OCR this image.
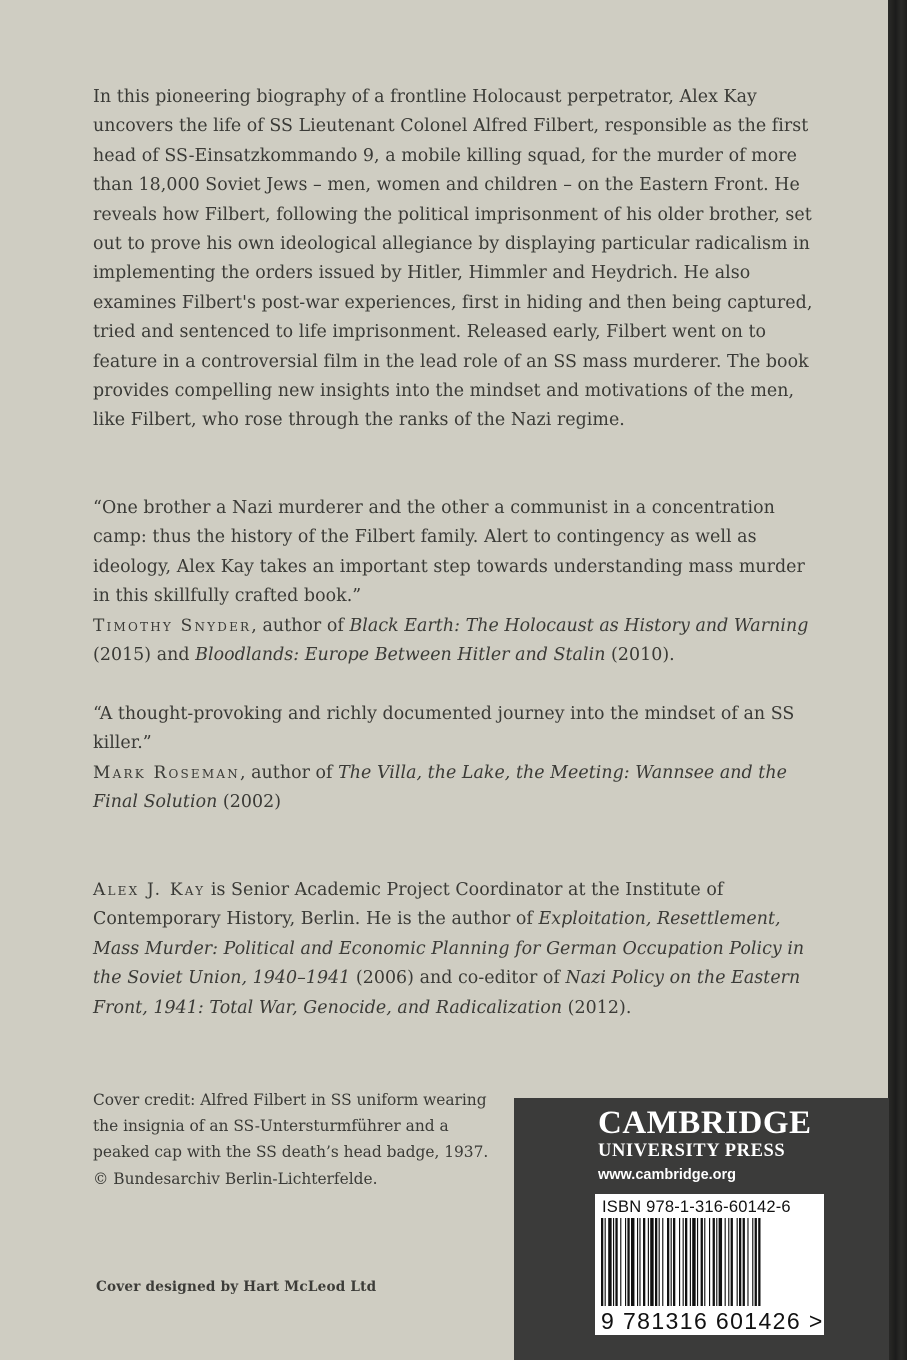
In this pioneering biography of a frontline Holocaust perpetrator, Alex Kay uncovers the life of SS Lieutenant Colonel Alfred Filbert, responsible as the first head of SS-Einsatzkommando 9, a mobile killing squad, for the murder of more than 18,000 Soviet Jews – men, women and children – on the Eastern Front. He reveals how Filbert, following the political imprisonment of his older brother, set out to prove his own ideological allegiance by displaying particular radicalism in implementing the orders issued by Hitler, Himmler and Heydrich. He also examines Filbert's post-war experiences, first in hiding and then being captured, tried and sentenced to life imprisonment. Released early, Filbert went on to feature in a controversial film in the lead role of an SS mass murderer. The book provides compelling new insights into the mindset and motivations of the men, like Filbert, who rose through the ranks of the Nazi regime.

“One brother a Nazi murderer and the other a communist in a concentration camp: thus the history of the Filbert family. Alert to contingency as well as ideology, Alex Kay takes an important step towards understanding mass murder in this skillfully crafted book.”
Timothy Snyder, author of Black Earth: The Holocaust as History and Warning (2015) and Bloodlands: Europe Between Hitler and Stalin (2010).

“A thought-provoking and richly documented journey into the mindset of an SS killer.”
Mark Roseman, author of The Villa, the Lake, the Meeting: Wannsee and the Final Solution (2002)

Alex J. Kay is Senior Academic Project Coordinator at the Institute of Contemporary History, Berlin. He is the author of Exploitation, Resettlement, Mass Murder: Political and Economic Planning for German Occupation Policy in the Soviet Union, 1940–1941 (2006) and co-editor of Nazi Policy on the Eastern Front, 1941: Total War, Genocide, and Radicalization (2012).

Cover credit: Alfred Filbert in SS uniform wearing the insignia of an SS-Untersturmführer and a peaked cap with the SS death’s head badge, 1937. © Bundesarchiv Berlin-Lichterfelde.

Cover designed by Hart McLeod Ltd
CAMBRIDGE
UNIVERSITY PRESS
www.cambridge.org
ISBN 978-1-316-60142-6
9 781316 601426 >
